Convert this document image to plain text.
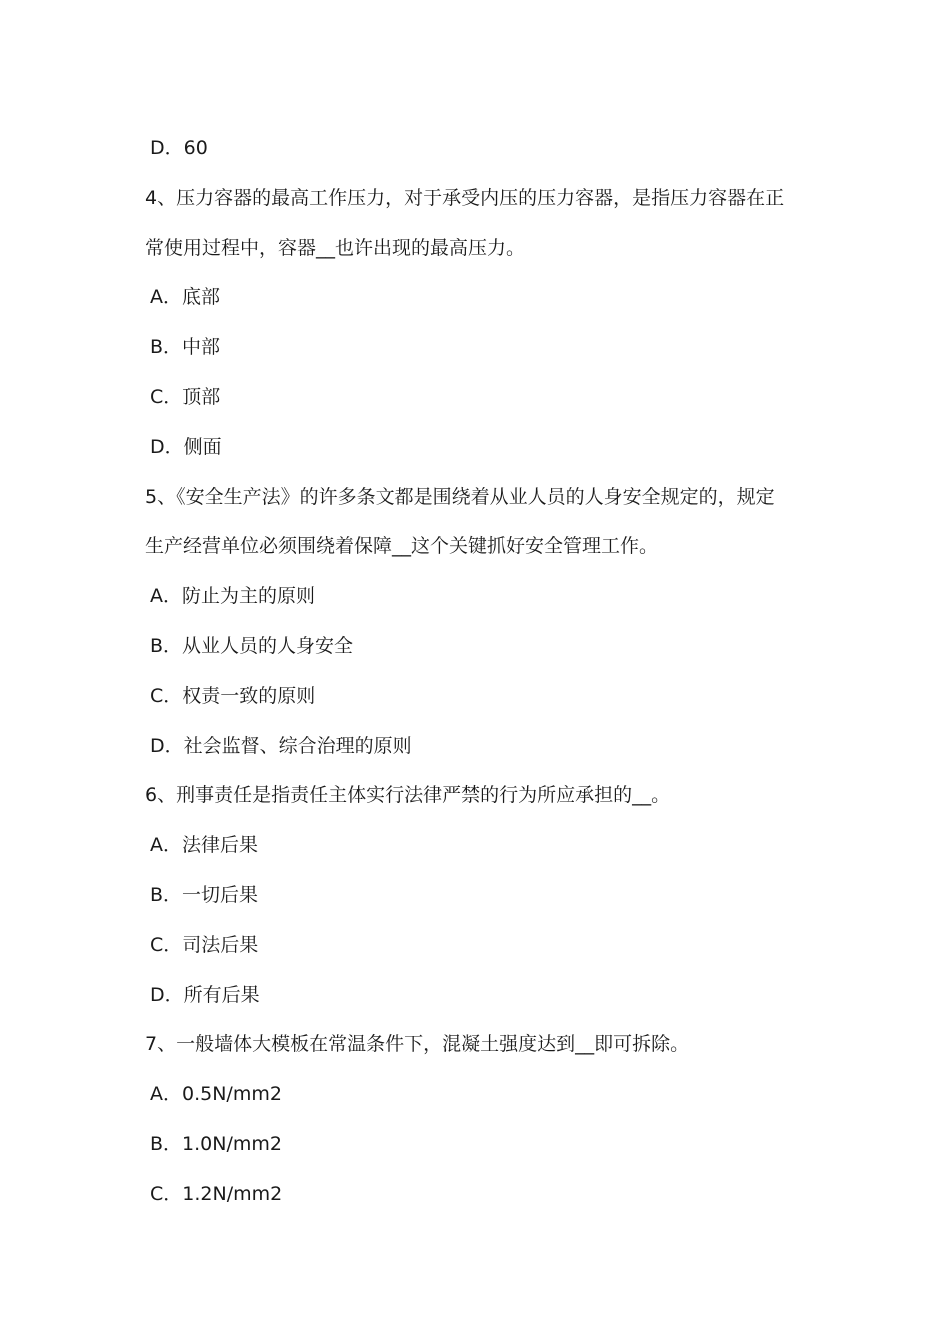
D．60
4、压力容器的最高工作压力，对于承受内压的压力容器，是指压力容器在正
常使用过程中，容器__也许出现的最高压力。
A．底部
B．中部
C．顶部
D．侧面
5、《安全生产法》的许多条文都是围绕着从业人员的人身安全规定的，规定
生产经营单位必须围绕着保障__这个关键抓好安全管理工作。
A．防止为主的原则
B．从业人员的人身安全
C．权责一致的原则
D．社会监督、综合治理的原则
6、刑事责任是指责任主体实行法律严禁的行为所应承担的__。
A．法律后果
B．一切后果
C．司法后果
D．所有后果
7、一般墙体大模板在常温条件下，混凝土强度达到__即可拆除。
A．0.5N/mm2
B．1.0N/mm2
C．1.2N/mm2
